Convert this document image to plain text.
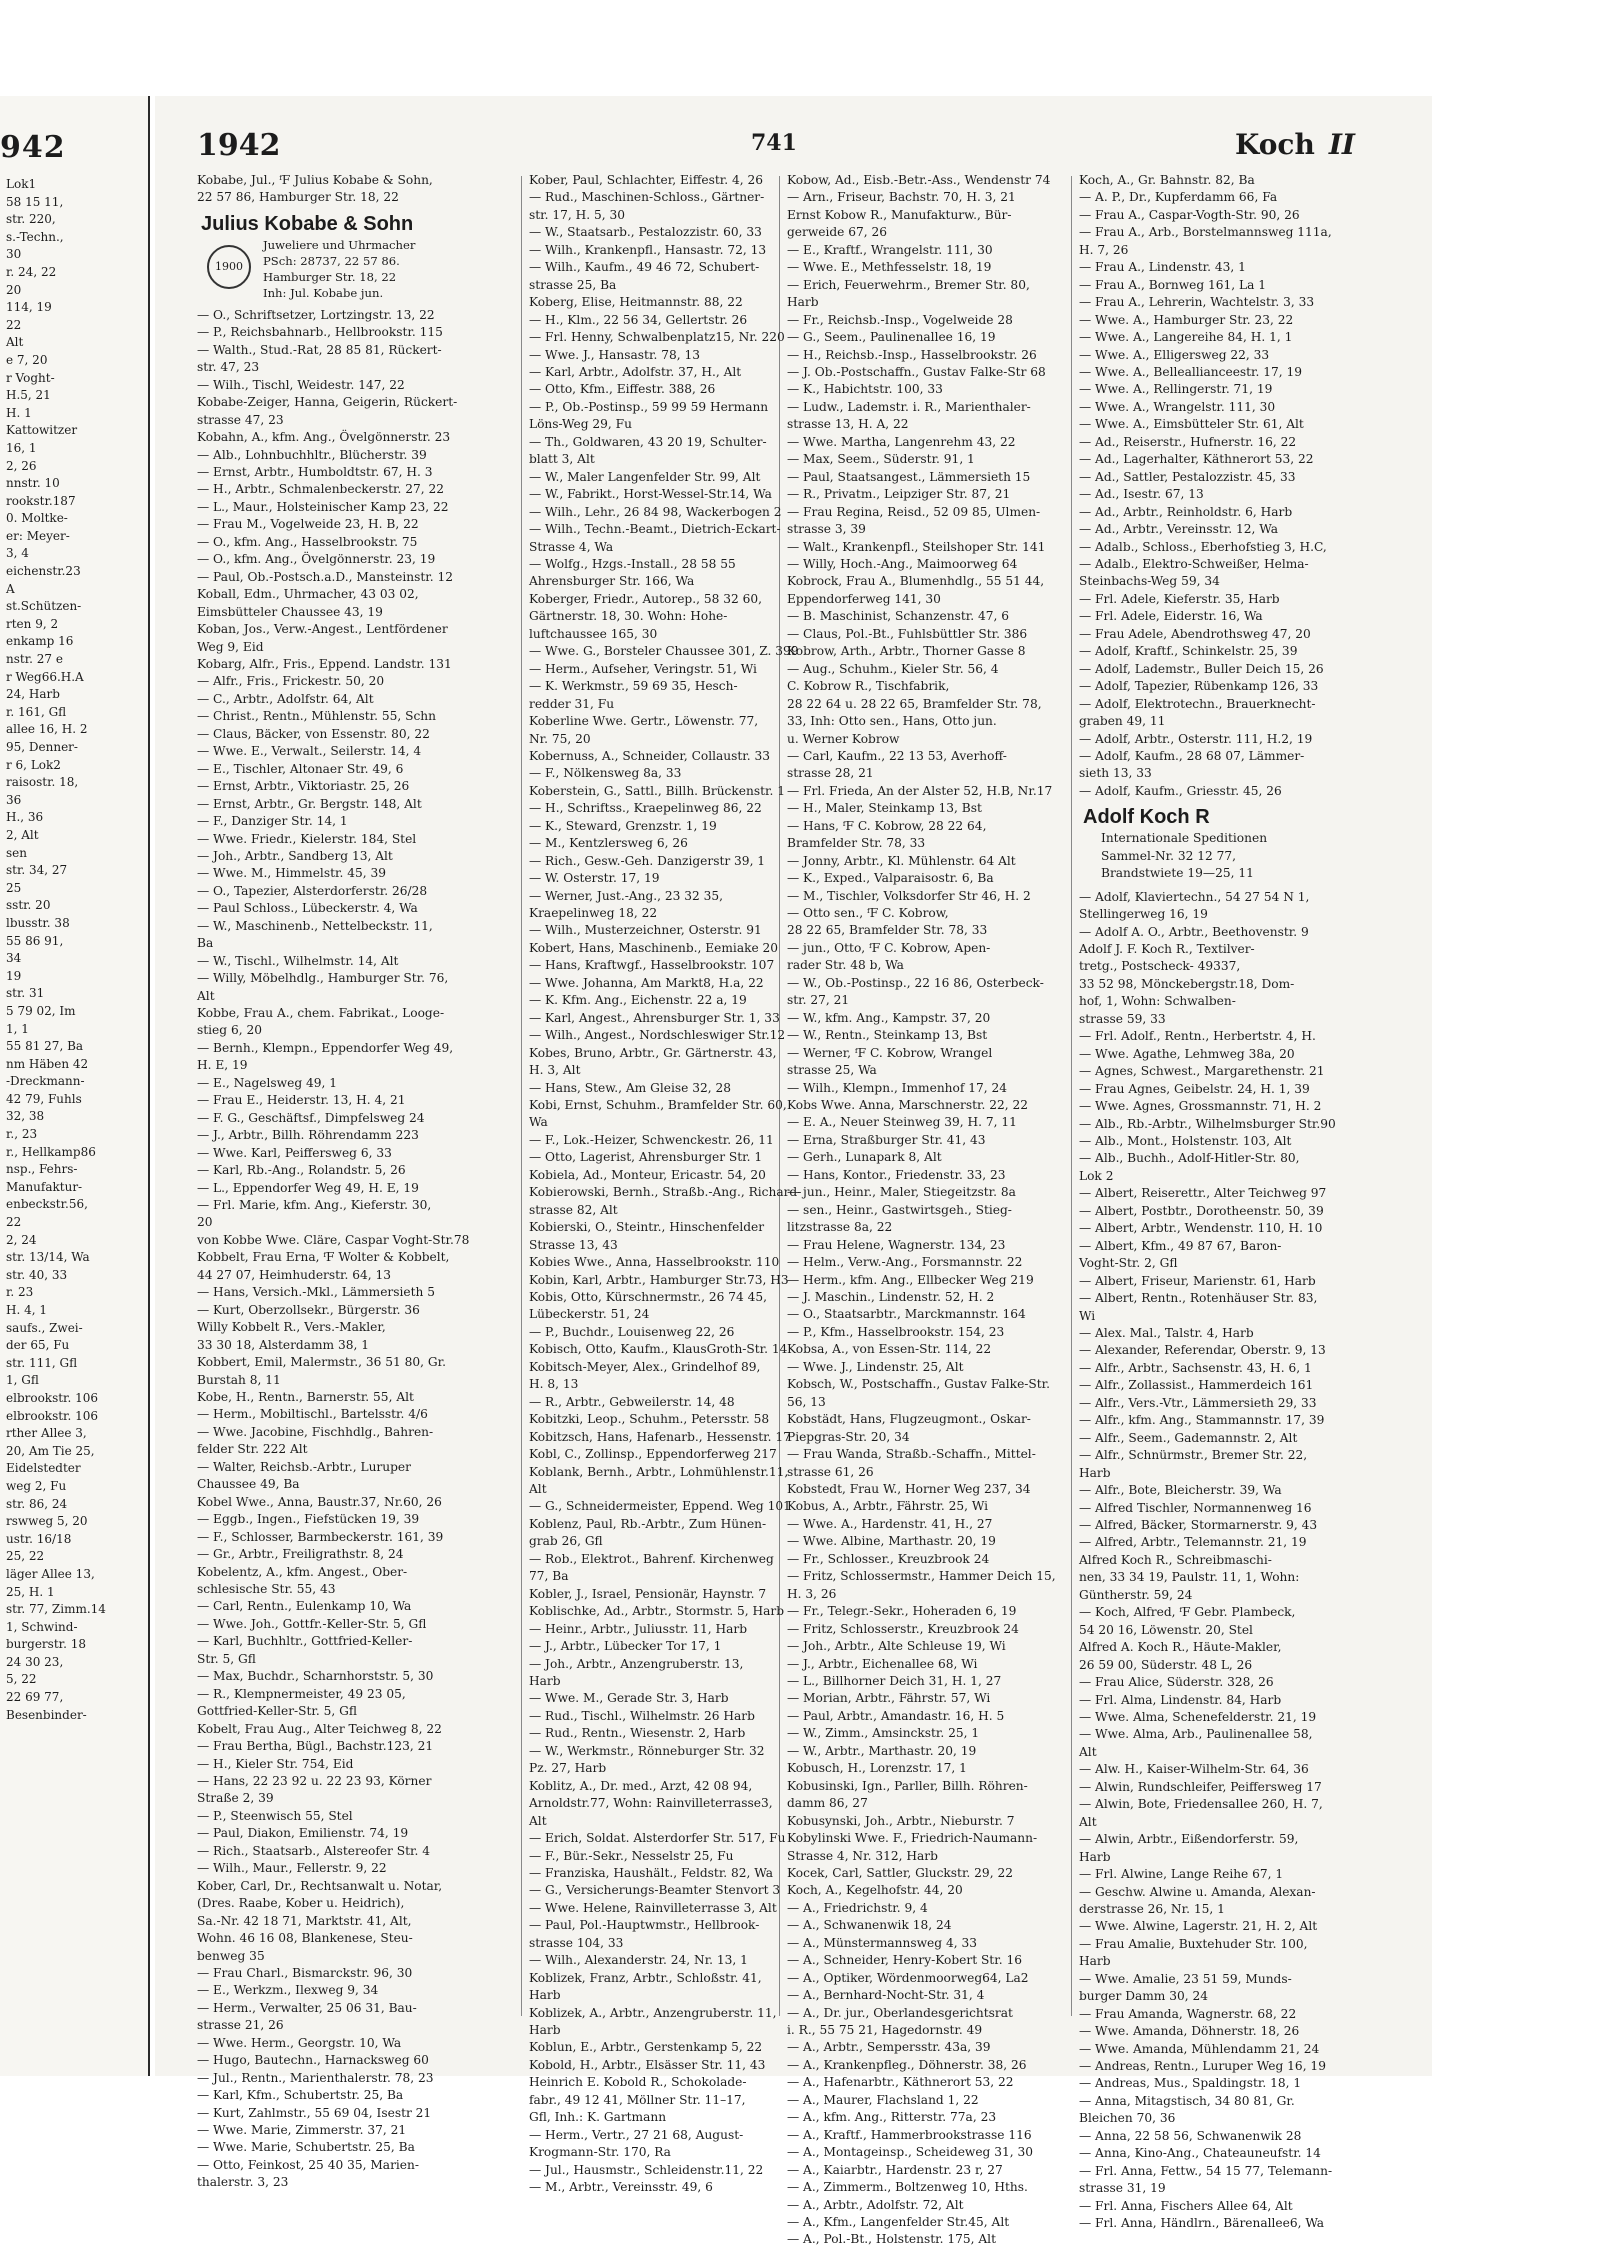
942
Lok1
58 15 11,
str. 220,
s.-Techn.,
30
r. 24, 22
20
114, 19
22
Alt
e 7, 20
r Voght-
H.5, 21
H. 1
Kattowitzer
16, 1
2, 26
nnstr. 10
rookstr.187
0. Moltke-
er: Meyer-
3, 4
eichenstr.23
A
st.Schützen-
rten 9, 2
enkamp 16
nstr. 27 e
r Weg66.H.A
24, Harb
r. 161, Gfl
allee 16, H. 2
95, Denner-
r 6, Lok2
raisostr. 18,
36
H., 36
2, Alt
sen
str. 34, 27
25
sstr. 20
lbusstr. 38
55 86 91,
34
19
str. 31
5 79 02, Im
1, 1
55 81 27, Ba
nm Häben 42
-Dreckmann-
42 79, Fuhls
32, 38
r., 23
r., Hellkamp86
nsp., Fehrs-
Manufaktur-
enbeckstr.56,
22
2, 24
str. 13/14, Wa
str. 40, 33
r. 23
H. 4, 1
saufs., Zwei-
der 65, Fu
str. 111, Gfl
1, Gfl
elbrookstr. 106
elbrookstr. 106
rther Allee 3,
20, Am Tie 25,
Eidelstedter
weg 2, Fu
str. 86, 24
rswweg 5, 20
ustr. 16/18
25, 22
läger Allee 13,
25, H. 1
str. 77, Zimm.14
1, Schwind-
burgerstr. 18
24 30 23,
5, 22
22 69 77,
Besenbinder-
1942	741	Koch II
Kobabe, Jul., ᶠF Julius Kobabe & Sohn,
22 57 86, Hamburger Str. 18, 22
Julius Kobabe & Sohn
1900
Juweliere und Uhrmacher
PSch: 28737, 22 57 86.
Hamburger Str. 18, 22
Inh: Jul. Kobabe jun.
— O., Schriftsetzer, Lortzingstr. 13, 22
— P., Reichsbahnarb., Hellbrookstr. 115
— Walth., Stud.-Rat, 28 85 81, Rückert-
str. 47, 23
— Wilh., Tischl, Weidestr. 147, 22
Kobabe-Zeiger, Hanna, Geigerin, Rückert-
strasse 47, 23
Kobahn, A., kfm. Ang., Övelgönnerstr. 23
— Alb., Lohnbuchhltr., Blücherstr. 39
— Ernst, Arbtr., Humboldtstr. 67, H. 3
— H., Arbtr., Schmalenbeckerstr. 27, 22
— L., Maur., Holsteinischer Kamp 23, 22
— Frau M., Vogelweide 23, H. B, 22
— O., kfm. Ang., Hasselbrookstr. 75
— O., kfm. Ang., Övelgönnerstr. 23, 19
— Paul, Ob.-Postsch.a.D., Mansteinstr. 12
Koball, Edm., Uhrmacher, 43 03 02,
Eimsbütteler Chaussee 43, 19
Koban, Jos., Verw.-Angest., Lentfördener
Weg 9, Eid
Kobarg, Alfr., Fris., Eppend. Landstr. 131
— Alfr., Fris., Frickestr. 50, 20
— C., Arbtr., Adolfstr. 64, Alt
— Christ., Rentn., Mühlenstr. 55, Schn
— Claus, Bäcker, von Essenstr. 80, 22
— Wwe. E., Verwalt., Seilerstr. 14, 4
— E., Tischler, Altonaer Str. 49, 6
— Ernst, Arbtr., Viktoriastr. 25, 26
— Ernst, Arbtr., Gr. Bergstr. 148, Alt
— F., Danziger Str. 14, 1
— Wwe. Friedr., Kielerstr. 184, Stel
— Joh., Arbtr., Sandberg 13, Alt
— Wwe. M., Himmelstr. 45, 39
— O., Tapezier, Alsterdorferstr. 26/28
— Paul Schloss., Lübeckerstr. 4, Wa
— W., Maschinenb., Nettelbeckstr. 11,
Ba
— W., Tischl., Wilhelmstr. 14, Alt
— Willy, Möbelhdlg., Hamburger Str. 76,
Alt
Kobbe, Frau A., chem. Fabrikat., Looge-
stieg 6, 20
— Bernh., Klempn., Eppendorfer Weg 49,
H. E, 19
— E., Nagelsweg 49, 1
— Frau E., Heiderstr. 13, H. 4, 21
— F. G., Geschäftsf., Dimpfelsweg 24
— J., Arbtr., Billh. Röhrendamm 223
— Wwe. Karl, Peiffersweg 6, 33
— Karl, Rb.-Ang., Rolandstr. 5, 26
— L., Eppendorfer Weg 49, H. E, 19
— Frl. Marie, kfm. Ang., Kieferstr. 30,
20
von Kobbe Wwe. Cläre, Caspar Voght-Str.78
Kobbelt, Frau Erna, ᶠF Wolter & Kobbelt,
44 27 07, Heimhuderstr. 64, 13
— Hans, Versich.-Mkl., Lämmersieth 5
— Kurt, Oberzollsekr., Bürgerstr. 36
Willy Kobbelt R., Vers.-Makler,
33 30 18, Alsterdamm 38, 1
Kobbert, Emil, Malermstr., 36 51 80, Gr.
Burstah 8, 11
Kobe, H., Rentn., Barnerstr. 55, Alt
— Herm., Mobiltischl., Bartelsstr. 4/6
— Wwe. Jacobine, Fischhdlg., Bahren-
felder Str. 222 Alt
— Walter, Reichsb.-Arbtr., Luruper
Chaussee 49, Ba
Kobel Wwe., Anna, Baustr.37, Nr.60, 26
— Eggb., Ingen., Fiefstücken 19, 39
— F., Schlosser, Barmbeckerstr. 161, 39
— Gr., Arbtr., Freiligrathstr. 8, 24
Kobelentz, A., kfm. Angest., Ober-
schlesische Str. 55, 43
— Carl, Rentn., Eulenkamp 10, Wa
— Wwe. Joh., Gottfr.-Keller-Str. 5, Gfl
— Karl, Buchhltr., Gottfried-Keller-
Str. 5, Gfl
— Max, Buchdr., Scharnhorststr. 5, 30
— R., Klempnermeister, 49 23 05,
Gottfried-Keller-Str. 5, Gfl
Kobelt, Frau Aug., Alter Teichweg 8, 22
— Frau Bertha, Bügl., Bachstr.123, 21
— H., Kieler Str. 754, Eid
— Hans, 22 23 92 u. 22 23 93, Körner
Straße 2, 39
— P., Steenwisch 55, Stel
— Paul, Diakon, Emilienstr. 74, 19
— Rich., Staatsarb., Alstereofer Str. 4
— Wilh., Maur., Fellerstr. 9, 22
Kober, Carl, Dr., Rechtsanwalt u. Notar,
(Dres. Raabe, Kober u. Heidrich),
Sa.-Nr. 42 18 71, Marktstr. 41, Alt,
Wohn. 46 16 08, Blankenese, Steu-
benweg 35
— Frau Charl., Bismarckstr. 96, 30
— E., Werkzm., Ilexweg 9, 34
— Herm., Verwalter, 25 06 31, Bau-
strasse 21, 26
— Wwe. Herm., Georgstr. 10, Wa
— Hugo, Bautechn., Harnacksweg 60
— Jul., Rentn., Marienthalerstr. 78, 23
— Karl, Kfm., Schubertstr. 25, Ba
— Kurt, Zahlmstr., 55 69 04, Isestr 21
— Wwe. Marie, Zimmerstr. 37, 21
— Wwe. Marie, Schubertstr. 25, Ba
— Otto, Feinkost, 25 40 35, Marien-
thalerstr. 3, 23
Kober, Paul, Schlachter, Eiffestr. 4, 26
— Rud., Maschinen-Schloss., Gärtner-
str. 17, H. 5, 30
— W., Staatsarb., Pestalozzistr. 60, 33
— Wilh., Krankenpfl., Hansastr. 72, 13
— Wilh., Kaufm., 49 46 72, Schubert-
strasse 25, Ba
Koberg, Elise, Heitmannstr. 88, 22
— H., Klm., 22 56 34, Gellertstr. 26
— Frl. Henny, Schwalbenplatz15, Nr. 220
— Wwe. J., Hansastr. 78, 13
— Karl, Arbtr., Adolfstr. 37, H., Alt
— Otto, Kfm., Eiffestr. 388, 26
— P., Ob.-Postinsp., 59 99 59 Hermann
Löns-Weg 29, Fu
— Th., Goldwaren, 43 20 19, Schulter-
blatt 3, Alt
— W., Maler Langenfelder Str. 99, Alt
— W., Fabrikt., Horst-Wessel-Str.14, Wa
— Wilh., Lehr., 26 84 98, Wackerbogen 2
— Wilh., Techn.-Beamt., Dietrich-Eckart-
Strasse 4, Wa
— Wolfg., Hzgs.-Install., 28 58 55
Ahrensburger Str. 166, Wa
Koberger, Friedr., Autorep., 58 32 60,
Gärtnerstr. 18, 30. Wohn: Hohe-
luftchaussee 165, 30
— Wwe. G., Borsteler Chaussee 301, Z. 399
— Herm., Aufseher, Veringstr. 51, Wi
— K. Werkmstr., 59 69 35, Hesch-
redder 31, Fu
Koberline Wwe. Gertr., Löwenstr. 77,
Nr. 75, 20
Kobernuss, A., Schneider, Collaustr. 33
— F., Nölkensweg 8a, 33
Koberstein, G., Sattl., Billh. Brückenstr. 1
— H., Schriftss., Kraepelinweg 86, 22
— K., Steward, Grenzstr. 1, 19
— M., Kentzlersweg 6, 26
— Rich., Gesw.-Geh. Danzigerstr 39, 1
— W. Osterstr. 17, 19
— Werner, Just.-Ang., 23 32 35,
Kraepelinweg 18, 22
— Wilh., Musterzeichner, Osterstr. 91
Kobert, Hans, Maschinenb., Eemiake 20
— Hans, Kraftwgf., Hasselbrookstr. 107
— Wwe. Johanna, Am Markt8, H.a, 22
— K. Kfm. Ang., Eichenstr. 22 a, 19
— Karl, Angest., Ahrensburger Str. 1, 33
— Wilh., Angest., Nordschleswiger Str.12
Kobes, Bruno, Arbtr., Gr. Gärtnerstr. 43,
H. 3, Alt
— Hans, Stew., Am Gleise 32, 28
Kobi, Ernst, Schuhm., Bramfelder Str. 60,
Wa
— F., Lok.-Heizer, Schwenckestr. 26, 11
— Otto, Lagerist, Ahrensburger Str. 1
Kobiela, Ad., Monteur, Ericastr. 54, 20
Kobierowski, Bernh., Straßb.-Ang., Richard-
strasse 82, Alt
Kobierski, O., Steintr., Hinschenfelder
Strasse 13, 43
Kobies Wwe., Anna, Hasselbrookstr. 110
Kobin, Karl, Arbtr., Hamburger Str.73, H3
Kobis, Otto, Kürschnermstr., 26 74 45,
Lübeckerstr. 51, 24
— P., Buchdr., Louisenweg 22, 26
Kobisch, Otto, Kaufm., KlausGroth-Str. 14
Kobitsch-Meyer, Alex., Grindelhof 89,
H. 8, 13
— R., Arbtr., Gebweilerstr. 14, 48
Kobitzki, Leop., Schuhm., Petersstr. 58
Kobitzsch, Hans, Hafenarb., Hessenstr. 17
Kobl, C., Zollinsp., Eppendorferweg 217
Koblank, Bernh., Arbtr., Lohmühlenstr.11,
Alt
— G., Schneidermeister, Eppend. Weg 101
Koblenz, Paul, Rb.-Arbtr., Zum Hünen-
grab 26, Gfl
— Rob., Elektrot., Bahrenf. Kirchenweg
77, Ba
Kobler, J., Israel, Pensionär, Haynstr. 7
Koblischke, Ad., Arbtr., Stormstr. 5, Harb
— Heinr., Arbtr., Juliusstr. 11, Harb
— J., Arbtr., Lübecker Tor 17, 1
— Joh., Arbtr., Anzengruberstr. 13,
Harb
— Wwe. M., Gerade Str. 3, Harb
— Rud., Tischl., Wilhelmstr. 26 Harb
— Rud., Rentn., Wiesenstr. 2, Harb
— W., Werkmstr., Rönneburger Str. 32
Pz. 27, Harb
Koblitz, A., Dr. med., Arzt, 42 08 94,
Arnoldstr.77, Wohn: Rainvilleterrasse3,
Alt
— Erich, Soldat. Alsterdorfer Str. 517, Fu
— F., Bür.-Sekr., Nesselstr 25, Fu
— Franziska, Haushält., Feldstr. 82, Wa
— G., Versicherungs-Beamter Stenvort 3
— Wwe. Helene, Rainvilleterrasse 3, Alt
— Paul, Pol.-Hauptwmstr., Hellbrook-
strasse 104, 33
— Wilh., Alexanderstr. 24, Nr. 13, 1
Koblizek, Franz, Arbtr., Schloßstr. 41,
Harb
Koblizek, A., Arbtr., Anzengruberstr. 11,
Harb
Koblun, E., Arbtr., Gerstenkamp 5, 22
Kobold, H., Arbtr., Elsässer Str. 11, 43
Heinrich E. Kobold R., Schokolade-
fabr., 49 12 41, Möllner Str. 11–17,
Gfl, Inh.: K. Gartmann
— Herm., Vertr., 27 21 68, August-
Krogmann-Str. 170, Ra
— Jul., Hausmstr., Schleidenstr.11, 22
— M., Arbtr., Vereinsstr. 49, 6
Kobow, Ad., Eisb.-Betr.-Ass., Wendenstr 74
— Arn., Friseur, Bachstr. 70, H. 3, 21
Ernst Kobow R., Manufakturw., Bür-
gerweide 67, 26
— E., Kraftf., Wrangelstr. 111, 30
— Wwe. E., Methfesselstr. 18, 19
— Erich, Feuerwehrm., Bremer Str. 80,
Harb
— Fr., Reichsb.-Insp., Vogelweide 28
— G., Seem., Paulinenallee 16, 19
— H., Reichsb.-Insp., Hasselbrookstr. 26
— J. Ob.-Postschaffn., Gustav Falke-Str 68
— K., Habichtstr. 100, 33
— Ludw., Lademstr. i. R., Marienthaler-
strasse 13, H. A, 22
— Wwe. Martha, Langenrehm 43, 22
— Max, Seem., Süderstr. 91, 1
— Paul, Staatsangest., Lämmersieth 15
— R., Privatm., Leipziger Str. 87, 21
— Frau Regina, Reisd., 52 09 85, Ulmen-
strasse 3, 39
— Walt., Krankenpfl., Steilshoper Str. 141
— Willy, Hoch.-Ang., Maimoorweg 64
Kobrock, Frau A., Blumenhdlg., 55 51 44,
Eppendorferweg 141, 30
— B. Maschinist, Schanzenstr. 47, 6
— Claus, Pol.-Bt., Fuhlsbüttler Str. 386
Kobrow, Arth., Arbtr., Thorner Gasse 8
— Aug., Schuhm., Kieler Str. 56, 4
C. Kobrow R., Tischfabrik,
28 22 64 u. 28 22 65, Bramfelder Str. 78,
33, Inh: Otto sen., Hans, Otto jun.
u. Werner Kobrow
— Carl, Kaufm., 22 13 53, Averhoff-
strasse 28, 21
— Frl. Frieda, An der Alster 52, H.B, Nr.17
— H., Maler, Steinkamp 13, Bst
— Hans, ᶠF C. Kobrow, 28 22 64,
Bramfelder Str. 78, 33
— Jonny, Arbtr., Kl. Mühlenstr. 64 Alt
— K., Exped., Valparaisostr. 6, Ba
— M., Tischler, Volksdorfer Str 46, H. 2
— Otto sen., ᶠF C. Kobrow,
28 22 65, Bramfelder Str. 78, 33
— jun., Otto, ᶠF C. Kobrow, Apen-
rader Str. 48 b, Wa
— W., Ob.-Postinsp., 22 16 86, Osterbeck-
str. 27, 21
— W., kfm. Ang., Kampstr. 37, 20
— W., Rentn., Steinkamp 13, Bst
— Werner, ᶠF C. Kobrow, Wrangel
strasse 25, Wa
— Wilh., Klempn., Immenhof 17, 24
Kobs Wwe. Anna, Marschnerstr. 22, 22
— E. A., Neuer Steinweg 39, H. 7, 11
— Erna, Straßburger Str. 41, 43
— Gerh., Lunapark 8, Alt
— Hans, Kontor., Friedenstr. 33, 23
— jun., Heinr., Maler, Stiegeitzstr. 8a
— sen., Heinr., Gastwirtsgeh., Stieg-
litzstrasse 8a, 22
— Frau Helene, Wagnerstr. 134, 23
— Helm., Verw.-Ang., Forsmannstr. 22
— Herm., kfm. Ang., Ellbecker Weg 219
— J. Maschin., Lindenstr. 52, H. 2
— O., Staatsarbtr., Marckmannstr. 164
— P., Kfm., Hasselbrookstr. 154, 23
Kobsa, A., von Essen-Str. 114, 22
— Wwe. J., Lindenstr. 25, Alt
Kobsch, W., Postschaffn., Gustav Falke-Str.
56, 13
Kobstädt, Hans, Flugzeugmont., Oskar-
Piepgras-Str. 20, 34
— Frau Wanda, Straßb.-Schaffn., Mittel-
strasse 61, 26
Kobstedt, Frau W., Horner Weg 237, 34
Kobus, A., Arbtr., Fährstr. 25, Wi
— Wwe. A., Hardenstr. 41, H., 27
— Wwe. Albine, Marthastr. 20, 19
— Fr., Schlosser., Kreuzbrook 24
— Fritz, Schlossermstr., Hammer Deich 15,
H. 3, 26
— Fr., Telegr.-Sekr., Hoheraden 6, 19
— Fritz, Schlosserstr., Kreuzbrook 24
— Joh., Arbtr., Alte Schleuse 19, Wi
— J., Arbtr., Eichenallee 68, Wi
— L., Billhorner Deich 31, H. 1, 27
— Morian, Arbtr., Fährstr. 57, Wi
— Paul, Arbtr., Amandastr. 16, H. 5
— W., Zimm., Amsinckstr. 25, 1
— W., Arbtr., Marthastr. 20, 19
Kobusch, H., Lorenzstr. 17, 1
Kobusinski, Ign., Parller, Billh. Röhren-
damm 86, 27
Kobusynski, Joh., Arbtr., Nieburstr. 7
Kobylinski Wwe. F., Friedrich-Naumann-
Strasse 4, Nr. 312, Harb
Kocek, Carl, Sattler, Gluckstr. 29, 22
Koch, A., Kegelhofstr. 44, 20
— A., Friedrichstr. 9, 4
— A., Schwanenwik 18, 24
— A., Münstermannsweg 4, 33
— A., Schneider, Henry-Kobert Str. 16
— A., Optiker, Wördenmoorweg64, La2
— A., Bernhard-Nocht-Str. 31, 4
— A., Dr. jur., Oberlandesgerichtsrat
i. R., 55 75 21, Hagedornstr. 49
— A., Arbtr., Sempersstr. 43a, 39
— A., Krankenpfleg., Döhnerstr. 38, 26
— A., Hafenarbtr., Käthnerort 53, 22
— A., Maurer, Flachsland 1, 22
— A., kfm. Ang., Ritterstr. 77a, 23
— A., Kraftf., Hammerbrookstrasse 116
— A., Montageinsp., Scheideweg 31, 30
— A., Kaiarbtr., Hardenstr. 23 r, 27
— A., Zimmerm., Boltzenweg 10, Hths.
— A., Arbtr., Adolfstr. 72, Alt
— A., Kfm., Langenfelder Str.45, Alt
— A., Pol.-Bt., Holstenstr. 175, Alt
Koch, A., Gr. Bahnstr. 82, Ba
— A. P., Dr., Kupferdamm 66, Fa
— Frau A., Caspar-Vogth-Str. 90, 26
— Frau A., Arb., Borstelmannsweg 111a,
H. 7, 26
— Frau A., Lindenstr. 43, 1
— Frau A., Bornweg 161, La 1
— Frau A., Lehrerin, Wachtelstr. 3, 33
— Wwe. A., Hamburger Str. 23, 22
— Wwe. A., Langereihe 84, H. 1, 1
— Wwe. A., Elligersweg 22, 33
— Wwe. A., Belleallianceestr. 17, 19
— Wwe. A., Rellingerstr. 71, 19
— Wwe. A., Wrangelstr. 111, 30
— Wwe. A., Eimsbütteler Str. 61, Alt
— Ad., Reiserstr., Hufnerstr. 16, 22
— Ad., Lagerhalter, Käthnerort 53, 22
— Ad., Sattler, Pestalozzistr. 45, 33
— Ad., Isestr. 67, 13
— Ad., Arbtr., Reinholdstr. 6, Harb
— Ad., Arbtr., Vereinsstr. 12, Wa
— Adalb., Schloss., Eberhofstieg 3, H.C,
— Adalb., Elektro-Schweißer, Helma-
Steinbachs-Weg 59, 34
— Frl. Adele, Kieferstr. 35, Harb
— Frl. Adele, Eiderstr. 16, Wa
— Frau Adele, Abendrothsweg 47, 20
— Adolf, Kraftf., Schinkelstr. 25, 39
— Adolf, Lademstr., Buller Deich 15, 26
— Adolf, Tapezier, Rübenkamp 126, 33
— Adolf, Elektrotechn., Brauerknecht-
graben 49, 11
— Adolf, Arbtr., Osterstr. 111, H.2, 19
— Adolf, Kaufm., 28 68 07, Lämmer-
sieth 13, 33
— Adolf, Kaufm., Griesstr. 45, 26
Adolf Koch R
Internationale Speditionen
Sammel-Nr. 32 12 77,
Brandstwiete 19—25, 11
— Adolf, Klaviertechn., 54 27 54 N 1,
Stellingerweg 16, 19
— Adolf A. O., Arbtr., Beethovenstr. 9
Adolf J. F. Koch R., Textilver-
tretg., Postscheck- 49337,
33 52 98, Mönckebergstr.18, Dom-
hof, 1, Wohn: Schwalben-
strasse 59, 33
— Frl. Adolf., Rentn., Herbertstr. 4, H.
— Wwe. Agathe, Lehmweg 38a, 20
— Agnes, Schwest., Margarethenstr. 21
— Frau Agnes, Geibelstr. 24, H. 1, 39
— Wwe. Agnes, Grossmannstr. 71, H. 2
— Alb., Rb.-Arbtr., Wilhelmsburger Str.90
— Alb., Mont., Holstenstr. 103, Alt
— Alb., Buchh., Adolf-Hitler-Str. 80,
Lok 2
— Albert, Reiserettr., Alter Teichweg 97
— Albert, Postbtr., Dorotheenstr. 50, 39
— Albert, Arbtr., Wendenstr. 110, H. 10
— Albert, Kfm., 49 87 67, Baron-
Voght-Str. 2, Gfl
— Albert, Friseur, Marienstr. 61, Harb
— Albert, Rentn., Rotenhäuser Str. 83,
Wi
— Alex. Mal., Talstr. 4, Harb
— Alexander, Referendar, Oberstr. 9, 13
— Alfr., Arbtr., Sachsenstr. 43, H. 6, 1
— Alfr., Zollassist., Hammerdeich 161
— Alfr., Vers.-Vtr., Lämmersieth 29, 33
— Alfr., kfm. Ang., Stammannstr. 17, 39
— Alfr., Seem., Gademannstr. 2, Alt
— Alfr., Schnürmstr., Bremer Str. 22,
Harb
— Alfr., Bote, Bleicherstr. 39, Wa
— Alfred Tischler, Normannenweg 16
— Alfred, Bäcker, Stormarnerstr. 9, 43
— Alfred, Arbtr., Telemannstr. 21, 19
Alfred Koch R., Schreibmaschi-
nen, 33 34 19, Paulstr. 11, 1, Wohn:
Güntherstr. 59, 24
— Koch, Alfred, ᶠF Gebr. Plambeck,
54 20 16, Löwenstr. 20, Stel
Alfred A. Koch R., Häute-Makler,
26 59 00, Süderstr. 48 L, 26
— Frau Alice, Süderstr. 328, 26
— Frl. Alma, Lindenstr. 84, Harb
— Wwe. Alma, Schenefelderstr. 21, 19
— Wwe. Alma, Arb., Paulinenallee 58,
Alt
— Alw. H., Kaiser-Wilhelm-Str. 64, 36
— Alwin, Rundschleifer, Peiffersweg 17
— Alwin, Bote, Friedensallee 260, H. 7,
Alt
— Alwin, Arbtr., Eißendorferstr. 59,
Harb
— Frl. Alwine, Lange Reihe 67, 1
— Geschw. Alwine u. Amanda, Alexan-
derstrasse 26, Nr. 15, 1
— Wwe. Alwine, Lagerstr. 21, H. 2, Alt
— Frau Amalie, Buxtehuder Str. 100,
Harb
— Wwe. Amalie, 23 51 59, Munds-
burger Damm 30, 24
— Frau Amanda, Wagnerstr. 68, 22
— Wwe. Amanda, Döhnerstr. 18, 26
— Wwe. Amanda, Mühlendamm 21, 24
— Andreas, Rentn., Luruper Weg 16, 19
— Andreas, Mus., Spaldingstr. 18, 1
— Anna, Mitagstisch, 34 80 81, Gr.
Bleichen 70, 36
— Anna, 22 58 56, Schwanenwik 28
— Anna, Kino-Ang., Chateauneufstr. 14
— Frl. Anna, Fettw., 54 15 77, Telemann-
strasse 31, 19
— Frl. Anna, Fischers Allee 64, Alt
— Frl. Anna, Händlrn., Bärenallee6, Wa
